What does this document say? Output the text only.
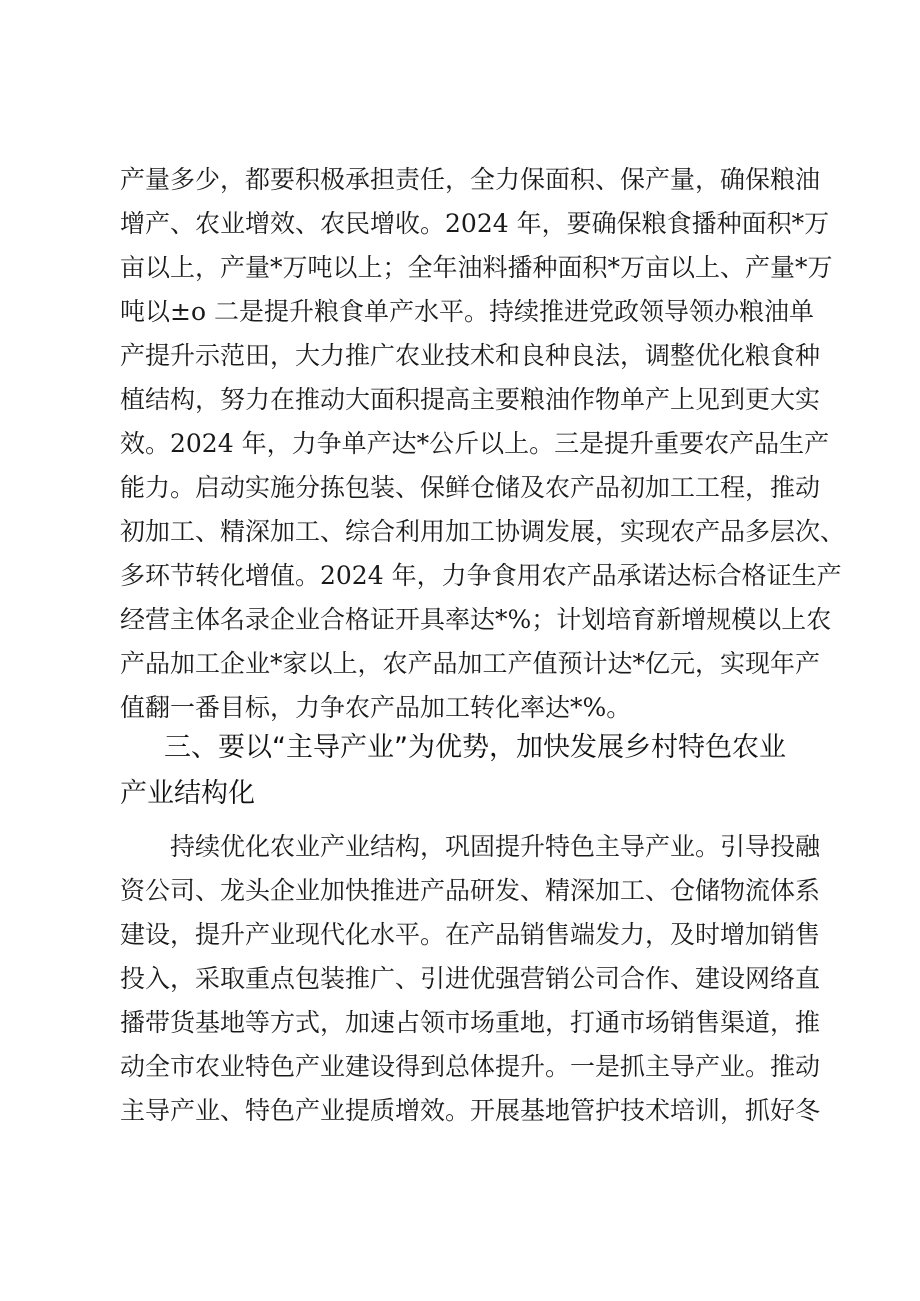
产量多少，都要积极承担责任，全力保面积、保产量，确保粮油
增产、农业增效、农民增收。2024 年，要确保粮食播种面积*万
亩以上，产量*万吨以上；全年油料播种面积*万亩以上、产量*万
吨以±o 二是提升粮食单产水平。持续推进党政领导领办粮油单
产提升示范田，大力推广农业技术和良种良法，调整优化粮食种
植结构，努力在推动大面积提高主要粮油作物单产上见到更大实
效。2024 年，力争单产达*公斤以上。三是提升重要农产品生产
能力。启动实施分拣包装、保鲜仓储及农产品初加工工程，推动
初加工、精深加工、综合利用加工协调发展，实现农产品多层次、
多环节转化增值。2024 年，力争食用农产品承诺达标合格证生产
经营主体名录企业合格证开具率达*%；计划培育新增规模以上农
产品加工企业*家以上，农产品加工产值预计达*亿元，实现年产
值翻一番目标，力争农产品加工转化率达*%。
三、要以“主导产业”为优势，加快发展乡村特色农业
产业结构化
持续优化农业产业结构，巩固提升特色主导产业。引导投融
资公司、龙头企业加快推进产品研发、精深加工、仓储物流体系
建设，提升产业现代化水平。在产品销售端发力，及时增加销售
投入，采取重点包装推广、引进优强营销公司合作、建设网络直
播带货基地等方式，加速占领市场重地，打通市场销售渠道，推
动全市农业特色产业建设得到总体提升。一是抓主导产业。推动
主导产业、特色产业提质增效。开展基地管护技术培训，抓好冬
